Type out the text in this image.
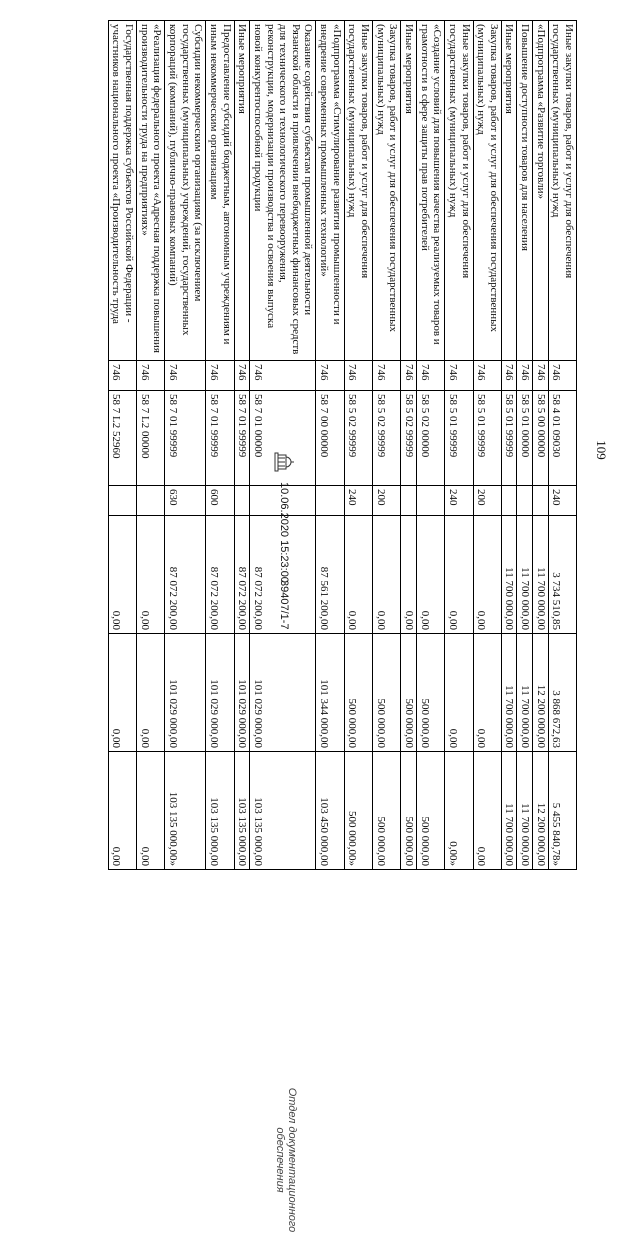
109
Иные закупки товаров, работ и услуг для обеспечения государственных (муниципальных) нужд	746	58 4 01 09030	240	3 734 510,85	3 868 672,63	5 455 840,78»
«Подпрограмма «Развитие торговли»	746	58 5 00 00000		11 700 000,00	12 200 000,00	12 200 000,00
Повышение доступности товаров для населения	746	58 5 01 00000		11 700 000,00	11 700 000,00	11 700 000,00
Иные мероприятия	746	58 5 01 99999		11 700 000,00	11 700 000,00	11 700 000,00
Закупка товаров, работ и услуг для обеспечения государственных (муниципальных) нужд	746	58 5 01 99999	200	0,00	0,00	0,00
Иные закупки товаров, работ и услуг для обеспечения государственных (муниципальных) нужд	746	58 5 01 99999	240	0,00	0,00	0,00»
«Создание условий для повышения качества реализуемых товаров и грамотности в сфере защиты прав потребителей	746	58 5 02 00000		0,00	500 000,00	500 000,00
Иные мероприятия	746	58 5 02 99999		0,00	500 000,00	500 000,00
Закупка товаров, работ и услуг для обеспечения государственных (муниципальных) нужд	746	58 5 02 99999	200	0,00	500 000,00	500 000,00
Иные закупки товаров, работ и услуг для обеспечения государственных (муниципальных) нужд	746	58 5 02 99999	240	0,00	500 000,00	500 000,00»
«Подпрограмма «Стимулирование развития промышленности и внедрение современных промышленных технологий»	746	58 7 00 00000		87 561 200,00	101 344 000,00	103 450 000,00
Оказание содействия субъектам промышленной деятельности Рязанской области в привлечении внебюджетных финансовых средств для технического и технологического перевооружения, реконструкции, модернизации производства и освоения выпуска новой конкурентоспособной продукции	746	58 7 01 00000		87 072 200,00	101 029 000,00	103 135 000,00
Иные мероприятия	746	58 7 01 99999		87 072 200,00	101 029 000,00	103 135 000,00
Предоставление субсидий бюджетным, автономным учреждениям и иным некоммерческим организациям	746	58 7 01 99999	600	87 072 200,00	101 029 000,00	103 135 000,00
Субсидии некоммерческим организациям (за исключением государственных (муниципальных) учреждений, государственных корпораций (компаний), публично-правовых компаний)	746	58 7 01 99999	630	87 072 200,00	101 029 000,00	103 135 000,00»
«Реализация федерального проекта «Адресная поддержка повышения производительности труда на предприятиях»	746	58 7 L2 00000		0,00	0,00	0,00
Государственная поддержка субъектов Российской Федерации - участников национального проекта «Производительность труда	746	58 7 L2 52960		0,00	0,00	0,00
10.06.2020 15:23:00
39407/1-7
Отдел документационного обеспечения
